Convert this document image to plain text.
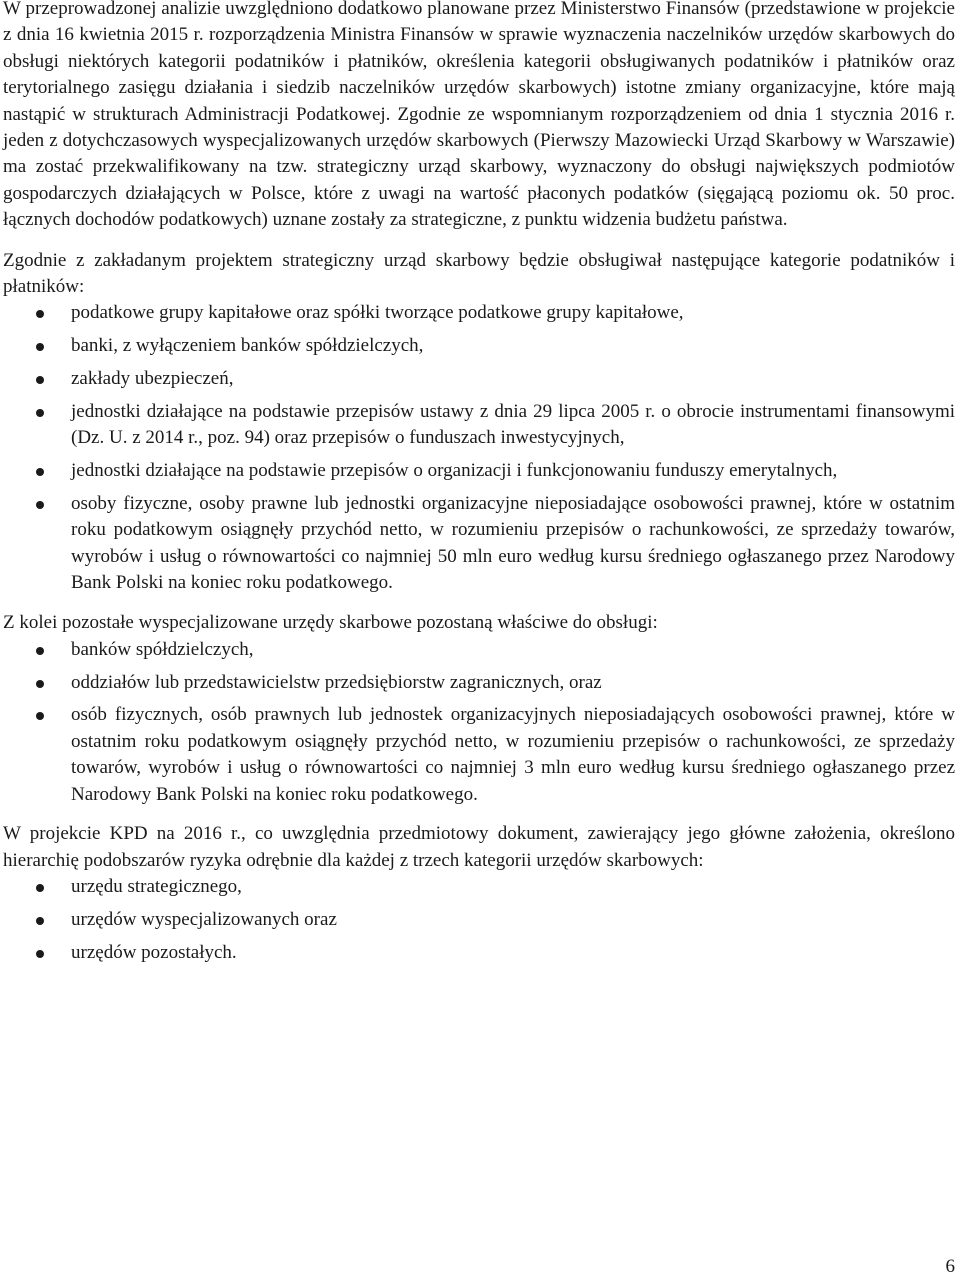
W przeprowadzonej analizie uwzględniono dodatkowo planowane przez Ministerstwo Finansów (przedstawione w projekcie z dnia 16 kwietnia 2015 r. rozporządzenia Ministra Finansów w sprawie wyznaczenia naczelników urzędów skarbowych do obsługi niektórych kategorii podatników i płatników, określenia kategorii obsługiwanych podatników i płatników oraz terytorialnego zasięgu działania i siedzib naczelników urzędów skarbowych) istotne zmiany organizacyjne, które mają nastąpić w strukturach Administracji Podatkowej. Zgodnie ze wspomnianym rozporządzeniem od dnia 1 stycznia 2016 r. jeden z dotychczasowych wyspecjalizowanych urzędów skarbowych (Pierwszy Mazowiecki Urząd Skarbowy w Warszawie) ma zostać przekwalifikowany na tzw. strategiczny urząd skarbowy, wyznaczony do obsługi największych podmiotów gospodarczych działających w Polsce, które z uwagi na wartość płaconych podatków (sięgającą poziomu ok. 50 proc. łącznych dochodów podatkowych) uznane zostały za strategiczne, z punktu widzenia budżetu państwa.

Zgodnie z zakładanym projektem strategiczny urząd skarbowy będzie obsługiwał następujące kategorie podatników i płatników:

podatkowe grupy kapitałowe oraz spółki tworzące podatkowe grupy kapitałowe,
banki, z wyłączeniem banków spółdzielczych,
zakłady ubezpieczeń,
jednostki działające na podstawie przepisów ustawy z dnia 29 lipca 2005 r. o obrocie instrumentami finansowymi (Dz. U. z 2014 r., poz. 94) oraz przepisów o funduszach inwestycyjnych,
jednostki działające na podstawie przepisów o organizacji i funkcjonowaniu funduszy emerytalnych,
osoby fizyczne, osoby prawne lub jednostki organizacyjne nieposiadające osobowości prawnej, które w ostatnim roku podatkowym osiągnęły przychód netto, w rozumieniu przepisów o rachunkowości, ze sprzedaży towarów, wyrobów i usług o równowartości co najmniej 50 mln euro według kursu średniego ogłaszanego przez Narodowy Bank Polski na koniec roku podatkowego.

Z kolei pozostałe wyspecjalizowane urzędy skarbowe pozostaną właściwe do obsługi:

banków spółdzielczych,
oddziałów lub przedstawicielstw przedsiębiorstw zagranicznych, oraz
osób fizycznych, osób prawnych lub jednostek organizacyjnych nieposiadających osobowości prawnej, które w ostatnim roku podatkowym osiągnęły przychód netto, w rozumieniu przepisów o rachunkowości, ze sprzedaży towarów, wyrobów i usług o równowartości co najmniej 3 mln euro według kursu średniego ogłaszanego przez Narodowy Bank Polski na koniec roku podatkowego.

W projekcie KPD na 2016 r., co uwzględnia przedmiotowy dokument, zawierający jego główne założenia, określono hierarchię podobszarów ryzyka odrębnie dla każdej z trzech kategorii urzędów skarbowych:

urzędu strategicznego,
urzędów wyspecjalizowanych oraz
urzędów pozostałych.
6
